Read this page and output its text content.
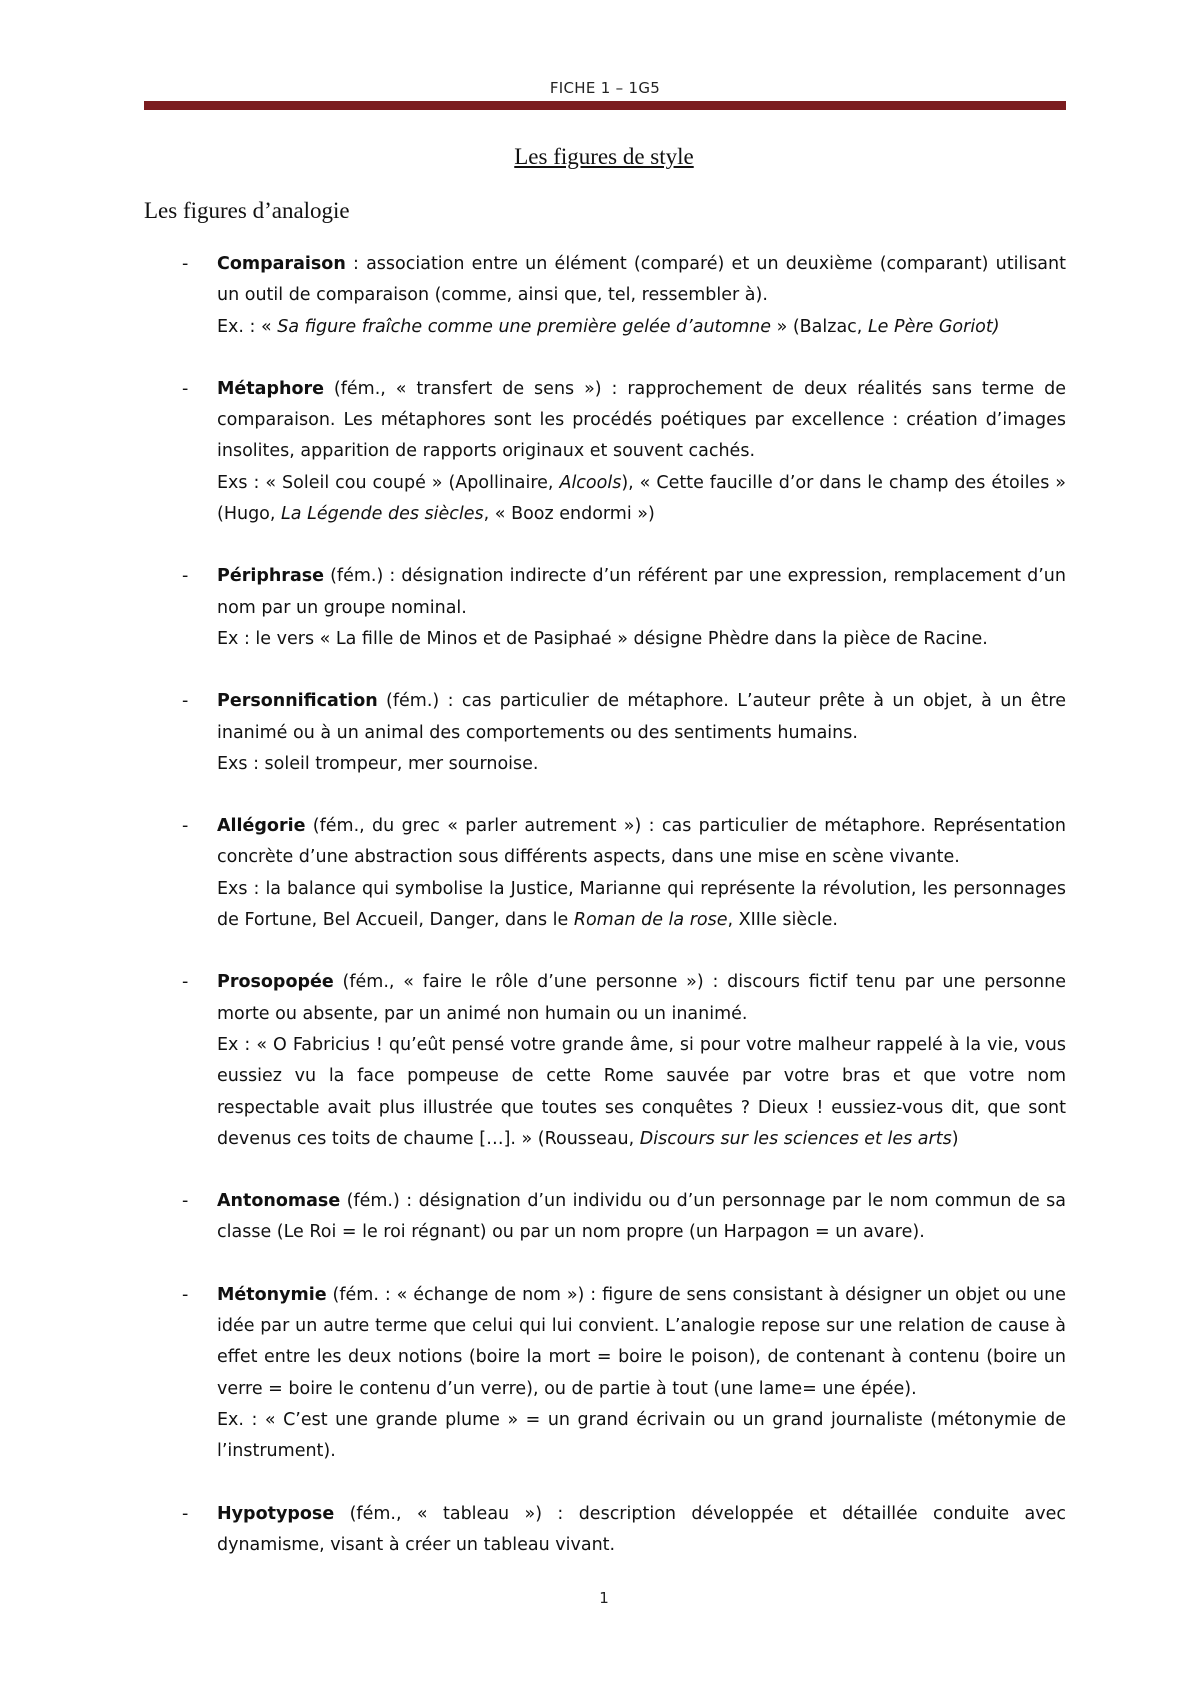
FICHE 1 – 1G5
Les figures de style
Les figures d’analogie
- Comparaison : association entre un élément (comparé) et un deuxième (comparant) utilisant un outil de comparaison (comme, ainsi que, tel, ressembler à).
Ex. : « Sa figure fraîche comme une première gelée d’automne » (Balzac, Le Père Goriot)
- Métaphore (fém., « transfert de sens ») : rapprochement de deux réalités sans terme de comparaison. Les métaphores sont les procédés poétiques par excellence : création d’images insolites, apparition de rapports originaux et souvent cachés.
Exs : « Soleil cou coupé » (Apollinaire, Alcools), « Cette faucille d’or dans le champ des étoiles » (Hugo, La Légende des siècles, « Booz endormi »)
- Périphrase (fém.) : désignation indirecte d’un référent par une expression, remplacement d’un nom par un groupe nominal.
Ex : le vers « La fille de Minos et de Pasiphaé » désigne Phèdre dans la pièce de Racine.
- Personnification (fém.) : cas particulier de métaphore. L’auteur prête à un objet, à un être inanimé ou à un animal des comportements ou des sentiments humains.
Exs : soleil trompeur, mer sournoise.
- Allégorie (fém., du grec « parler autrement ») : cas particulier de métaphore. Représentation concrète d’une abstraction sous différents aspects, dans une mise en scène vivante.
Exs : la balance qui symbolise la Justice, Marianne qui représente la révolution, les personnages de Fortune, Bel Accueil, Danger, dans le Roman de la rose, XIIIe siècle.
- Prosopopée (fém., « faire le rôle d’une personne ») : discours fictif tenu par une personne morte ou absente, par un animé non humain ou un inanimé.
Ex : « O Fabricius ! qu’eût pensé votre grande âme, si pour votre malheur rappelé à la vie, vous eussiez vu la face pompeuse de cette Rome sauvée par votre bras et que votre nom respectable avait plus illustrée que toutes ses conquêtes ? Dieux ! eussiez-vous dit, que sont devenus ces toits de chaume […]. » (Rousseau, Discours sur les sciences et les arts)
- Antonomase (fém.) : désignation d’un individu ou d’un personnage par le nom commun de sa classe (Le Roi = le roi régnant) ou par un nom propre (un Harpagon = un avare).
- Métonymie (fém. : « échange de nom ») : figure de sens consistant à désigner un objet ou une idée par un autre terme que celui qui lui convient. L’analogie repose sur une relation de cause à effet entre les deux notions (boire la mort = boire le poison), de contenant à contenu (boire un verre = boire le contenu d’un verre), ou de partie à tout (une lame= une épée).
Ex. : « C’est une grande plume » = un grand écrivain ou un grand journaliste (métonymie de l’instrument).
- Hypotypose (fém., « tableau ») : description développée et détaillée conduite avec dynamisme, visant à créer un tableau vivant.
1
